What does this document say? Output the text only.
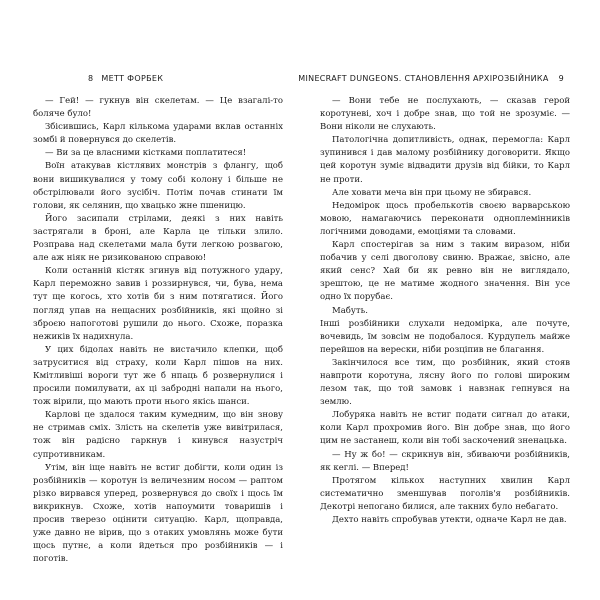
8 МЕТТ ФОРБЕК

— Гей! — гукнув він скелетам. — Це взагалі-то боляче було!

Збісившись, Карл кількома ударами вклав останніх зомбі й повернувся до скелетів.

— Ви за це власними кістками поплатитеся!

Воїн атакував кістлявих монстрів з флангу, щоб вони вишикувалися у тому собі колону і більше не обстрілювали його зусібіч. Потім почав стинати їм голови, як селянин, що хвацько жне пшеницю.

Його засипали стрілами, деякі з них навіть застрягали в броні, але Карла це тільки злило. Розправа над скелетами мала бути легкою розвагою, але аж ніяк не ризикованою справою!

Коли останній кістяк згинув від потужного удару, Карл переможно завив і роззирнувся, чи, бува, нема тут ще когось, хто хотів би з ним потягатися. Його погляд упав на нещасних розбійників, які щойно зі зброєю напоготові рушили до нього. Схоже, поразка нежиків їх надихнула.

У цих бідолах навіть не вистачило клепки, щоб затруситися від страху, коли Карл пішов на них. Кмітливіші вороги тут же б нпаць б розвернулися і просили помилувати, ах ці забродні напали на нього, тож вірили, що мають проти нього якісь шанси.

Карлові це здалося таким кумедним, що він знову не стримав сміх. Злість на скелетів уже вивітрилася, тож він радісно гаркнув і кинувся назустріч супротивникам.

Утім, він іще навіть не встиг добігти, коли один із розбійників — коротун із величезним носом — раптом різко вирвався уперед, розвернувся до своїх і щось їм викрикнув. Схоже, хотів напоумити товаришів і просив тверезо оцінити ситуацію. Карл, щоправда, уже давно не вірив, що з отаких умовлянь може бути щось путнє, а коли йдеться про розбійників — і поготів.

MINECRAFT DUNGEONS. СТАНОВЛЕННЯ АРХІРОЗБІЙНИКА 9

— Вони тебе не послухають, — сказав герой коротуневі, хоч і добре знав, що той не зрозуміє. — Вони ніколи не слухають.

Патологічна допитливість, однак, перемогла: Карл зупинився і дав малому розбійнику договорити. Якщо цей коротун зуміє відвадити друзів від бійки, то Карл не проти.

Але ховати меча він при цьому не збирався.

Недомірок щось пробелькотів своєю варварською мовою, намагаючись переконати одноплемінників логічними доводами, емоціями та словами.

Карл спостерігав за ним з таким виразом, ніби побачив у селі двоголову свиню. Вражає, звісно, але який сенс? Хай би як ревно він не виглядало, зрештою, це не матиме жодного значення. Він усе одно їх порубає.

Мабуть.

Інші розбійники слухали недомірка, але почуте, вочевидь, їм зовсім не подобалося. Курдупель майже перейшов на верески, ніби розціпив не благання.

Закінчилося все тим, що розбійник, який стояв навпроти коротуна, лясну його по голові широким лезом так, що той замовк і навзнак гепнувся на землю.

Лобуряка навіть не встиг подати сигнал до атаки, коли Карл прохромив його. Він добре знав, що його цим не застанеш, коли він тобі заскочений зненацька.

— Ну ж бо! — скрикнув він, збиваючи розбійників, як кеглі. — Вперед!

Протягом кількох наступних хвилин Карл систематично зменшував поголів'я розбійників. Декотрі непогано билися, але такних було небагато.

Дехто навіть спробував утекти, одначе Карл не дав.
